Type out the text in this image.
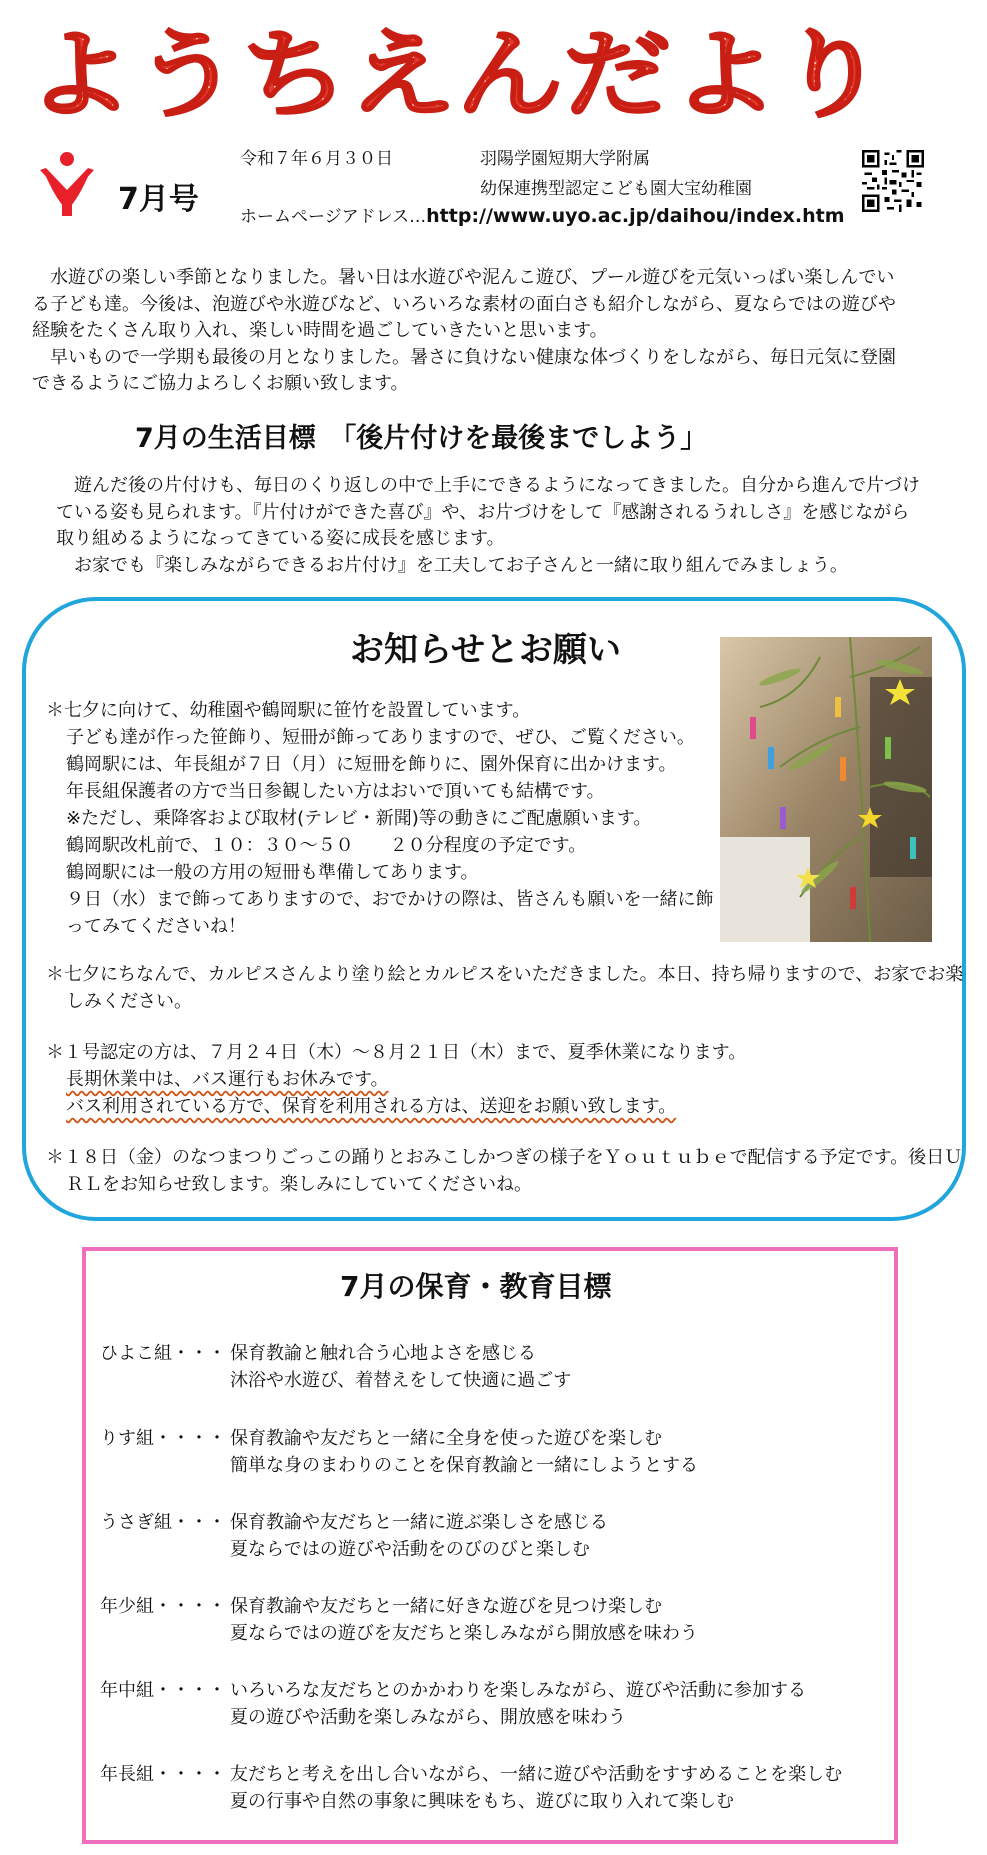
ようちえんだより
7月号
令和７年６月３０日	羽陽学園短期大学附属
幼保連携型認定こども園大宝幼稚園
ホームページアドレス…http://www.uyo.ac.jp/daihou/index.htm
　水遊びの楽しい季節となりました。暑い日は水遊びや泥んこ遊び、プール遊びを元気いっぱい楽しんでいる子ども達。今後は、泡遊びや氷遊びなど、いろいろな素材の面白さも紹介しながら、夏ならではの遊びや経験をたくさん取り入れ、楽しい時間を過ごしていきたいと思います。
　早いもので一学期も最後の月となりました。暑さに負けない健康な体づくりをしながら、毎日元気に登園できるようにご協力よろしくお願い致します。
7月の生活目標　「後片付けを最後までしよう」
　遊んだ後の片付けも、毎日のくり返しの中で上手にできるようになってきました。自分から進んで片づけている姿も見られます。『片付けができた喜び』や、お片づけをして『感謝されるうれしさ』を感じながら取り組めるようになってきている姿に成長を感じます。
　お家でも『楽しみながらできるお片付け』を工夫してお子さんと一緒に取り組んでみましょう。
お知らせとお願い
＊七夕に向けて、幼稚園や鶴岡駅に笹竹を設置しています。
子ども達が作った笹飾り、短冊が飾ってありますので、ぜひ、ご覧ください。
鶴岡駅には、年長組が７日（月）に短冊を飾りに、園外保育に出かけます。
年長組保護者の方で当日参観したい方はおいで頂いても結構です。
※ただし、乗降客および取材(テレビ・新聞)等の動きにご配慮願います。
鶴岡駅改札前で、１０：３０～５０　　２０分程度の予定です。
鶴岡駅には一般の方用の短冊も準備してあります。
９日（水）まで飾ってありますので、おでかけの際は、皆さんも願いを一緒に飾ってみてくださいね！
＊七夕にちなんで、カルピスさんより塗り絵とカルピスをいただきました。本日、持ち帰りますので、お家でお楽しみください。
＊１号認定の方は、７月２４日（木）～８月２１日（木）まで、夏季休業になります。
長期休業中は、バス運行もお休みです。
バス利用されている方で、保育を利用される方は、送迎をお願い致します。
＊１８日（金）のなつまつりごっこの踊りとおみこしかつぎの様子をＹｏｕｔｕｂｅで配信する予定です。後日ＵＲＬをお知らせ致します。楽しみにしていてくださいね。
7月の保育・教育目標
ひよこ組・・・ 保育教諭と触れ合う心地よさを感じる
沐浴や水遊び、着替えをして快適に過ごす
りす組・・・・ 保育教諭や友だちと一緒に全身を使った遊びを楽しむ
簡単な身のまわりのことを保育教諭と一緒にしようとする
うさぎ組・・・ 保育教諭や友だちと一緒に遊ぶ楽しさを感じる
夏ならではの遊びや活動をのびのびと楽しむ
年少組・・・・ 保育教諭や友だちと一緒に好きな遊びを見つけ楽しむ
夏ならではの遊びを友だちと楽しみながら開放感を味わう
年中組・・・・ いろいろな友だちとのかかわりを楽しみながら、遊びや活動に参加する
夏の遊びや活動を楽しみながら、開放感を味わう
年長組・・・・ 友だちと考えを出し合いながら、一緒に遊びや活動をすすめることを楽しむ
夏の行事や自然の事象に興味をもち、遊びに取り入れて楽しむ
